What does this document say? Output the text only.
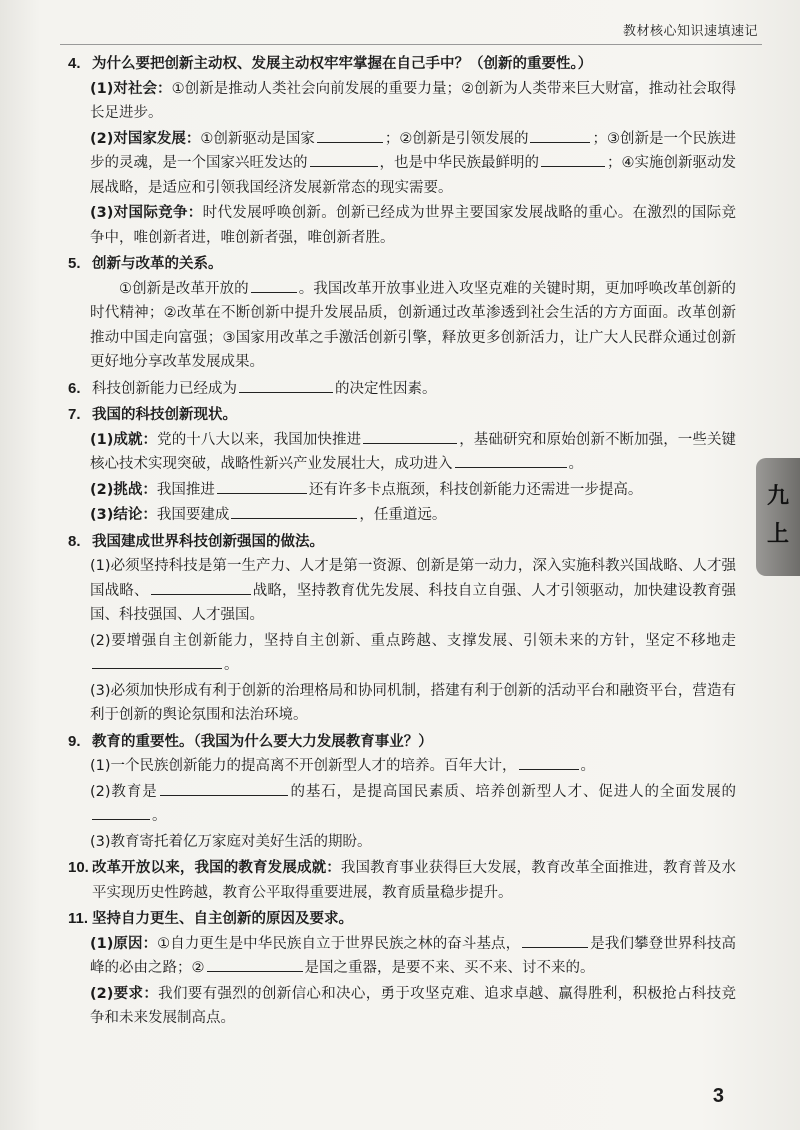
教材核心知识速填速记
4. 为什么要把创新主动权、发展主动权牢牢掌握在自己手中？（创新的重要性。）

(1)对社会：①创新是推动人类社会向前发展的重要力量；②创新为人类带来巨大财富，推动社会取得长足进步。

(2)对国家发展：①创新驱动是国家	；②创新是引领发展的	；③创新是一个民族进步的灵魂，是一个国家兴旺发达的	，也是中华民族最鲜明的	；④实施创新驱动发展战略，是适应和引领我国经济发展新常态的现实需要。

(3)对国际竞争：时代发展呼唤创新。创新已经成为世界主要国家发展战略的重心。在激烈的国际竞争中，唯创新者进，唯创新者强，唯创新者胜。

5. 创新与改革的关系。

①创新是改革开放的	。我国改革开放事业进入攻坚克难的关键时期，更加呼唤改革创新的时代精神；②改革在不断创新中提升发展品质，创新通过改革渗透到社会生活的方方面面。改革创新推动中国走向富强；③国家用改革之手激活创新引擎，释放更多创新活力，让广大人民群众通过创新更好地分享改革发展成果。

6. 科技创新能力已经成为	的决定性因素。
7. 我国的科技创新现状。

(1)成就：党的十八大以来，我国加快推进	，基础研究和原始创新不断加强，一些关键核心技术实现突破，战略性新兴产业发展壮大，成功进入	。

(2)挑战：我国推进	还有许多卡点瓶颈，科技创新能力还需进一步提高。

(3)结论：我国要建成	，任重道远。

8. 我国建成世界科技创新强国的做法。

(1)必须坚持科技是第一生产力、人才是第一资源、创新是第一动力，深入实施科教兴国战略、人才强国战略、	战略，坚持教育优先发展、科技自立自强、人才引领驱动，加快建设教育强国、科技强国、人才强国。

(2)要增强自主创新能力，坚持自主创新、重点跨越、支撑发展、引领未来的方针，坚定不移地走。

(3)必须加快形成有利于创新的治理格局和协同机制，搭建有利于创新的活动平台和融资平台，营造有利于创新的舆论氛围和法治环境。

9. 教育的重要性。（我国为什么要大力发展教育事业？）

(1)一个民族创新能力的提高离不开创新型人才的培养。百年大计，	。

(2)教育是	的基石，是提高国民素质、培养创新型人才、促进人的全面发展的。

(3)教育寄托着亿万家庭对美好生活的期盼。

10. 改革开放以来，我国的教育发展成就：我国教育事业获得巨大发展，教育改革全面推进，教育普及水平实现历史性跨越，教育公平取得重要进展，教育质量稳步提升。
11. 坚持自力更生、自主创新的原因及要求。

(1)原因：①自力更生是中华民族自立于世界民族之林的奋斗基点，	是我们攀登世界科技高峰的必由之路；②	是国之重器，是要不来、买不来、讨不来的。

(2)要求：我们要有强烈的创新信心和决心，勇于攻坚克难、追求卓越、赢得胜利，积极抢占科技竞争和未来发展制高点。

九上
3
